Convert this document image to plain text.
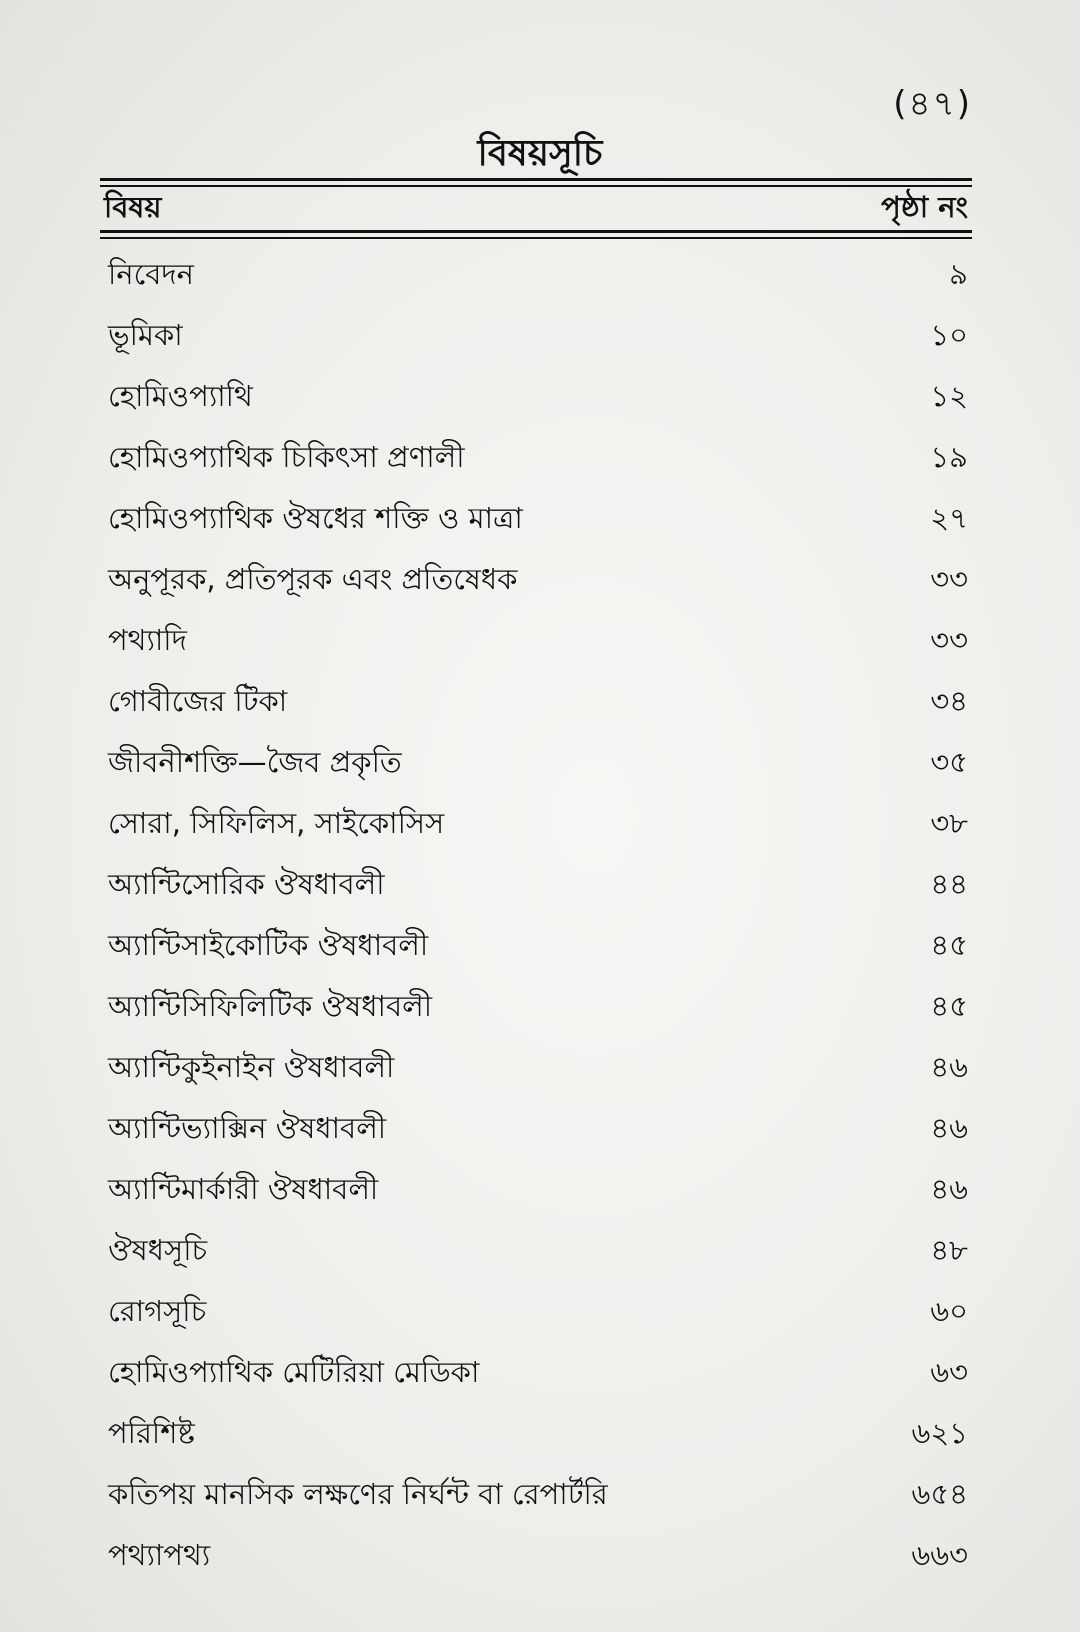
(৪৭)
বিষয়সূচি
বিষয়	পৃষ্ঠা নং
নিবেদন	৯
ভূমিকা	১০
হোমিওপ্যাথি	১২
হোমিওপ্যাথিক চিকিৎসা প্রণালী	১৯
হোমিওপ্যাথিক ঔষধের শক্তি ও মাত্রা	২৭
অনুপূরক, প্রতিপূরক এবং প্রতিষেধক	৩৩
পথ্যাদি	৩৩
গোবীজের টিকা	৩৪
জীবনীশক্তি—জৈব প্রকৃতি	৩৫
সোরা, সিফিলিস, সাইকোসিস	৩৮
অ্যান্টিসোরিক ঔষধাবলী	৪৪
অ্যান্টিসাইকোটিক ঔষধাবলী	৪৫
অ্যান্টিসিফিলিটিক ঔষধাবলী	৪৫
অ্যান্টিকুইনাইন ঔষধাবলী	৪৬
অ্যান্টিভ্যাক্সিন ঔষধাবলী	৪৬
অ্যান্টিমার্কারী ঔষধাবলী	৪৬
ঔষধসূচি	৪৮
রোগসূচি	৬০
হোমিওপ্যাথিক মেটিরিয়া মেডিকা	৬৩
পরিশিষ্ট	৬২১
কতিপয় মানসিক লক্ষণের নির্ঘন্ট বা রেপার্টরি	৬৫৪
পথ্যাপথ্য	৬৬৩
